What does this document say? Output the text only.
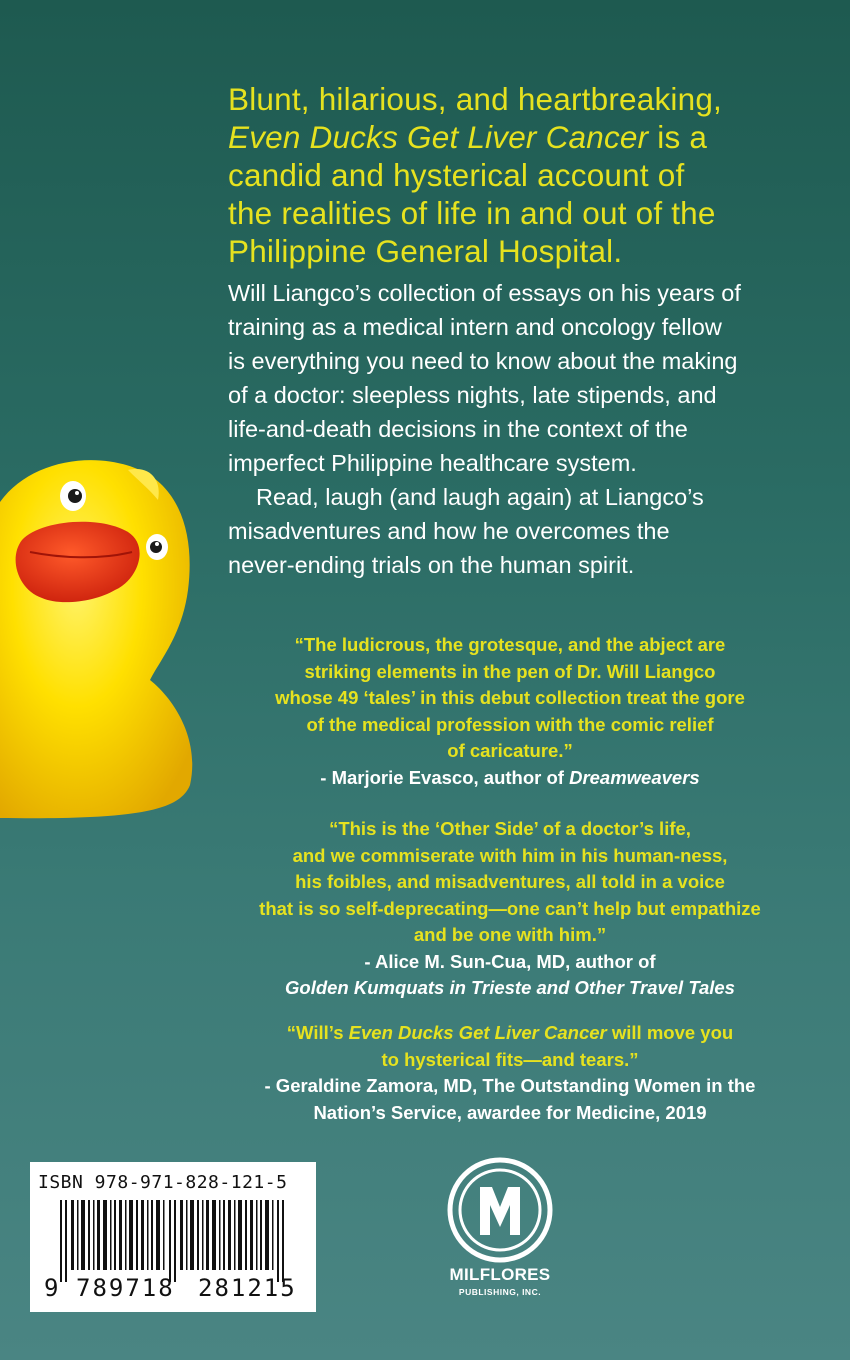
Blunt, hilarious, and heartbreaking,
Even Ducks Get Liver Cancer is a
candid and hysterical account of
the realities of life in and out of the
Philippine General Hospital.
Will Liangco’s collection of essays on his years of
training as a medical intern and oncology fellow
is everything you need to know about the making
of a doctor: sleepless nights, late stipends, and
life-and-death decisions in the context of the
imperfect Philippine healthcare system.
Read, laugh (and laugh again) at Liangco’s
misadventures and how he overcomes the
never-ending trials on the human spirit.
“The ludicrous, the grotesque, and the abject are
striking elements in the pen of Dr. Will Liangco
whose 49 ‘tales’ in this debut collection treat the gore
of the medical profession with the comic relief
of caricature.”
- Marjorie Evasco, author of Dreamweavers
“This is the ‘Other Side’ of a doctor’s life,
and we commiserate with him in his human-ness,
his foibles, and misadventures, all told in a voice
that is so self-deprecating—one can’t help but empathize
and be one with him.”
- Alice M. Sun-Cua, MD, author of
Golden Kumquats in Trieste and Other Travel Tales
“Will’s Even Ducks Get Liver Cancer will move you
to hysterical fits—and tears.”
- Geraldine Zamora, MD, The Outstanding Women in the
Nation’s Service, awardee for Medicine, 2019
ISBN 978-971-828-121-5
9 789718 281215	MILFLORES
PUBLISHING, INC.
